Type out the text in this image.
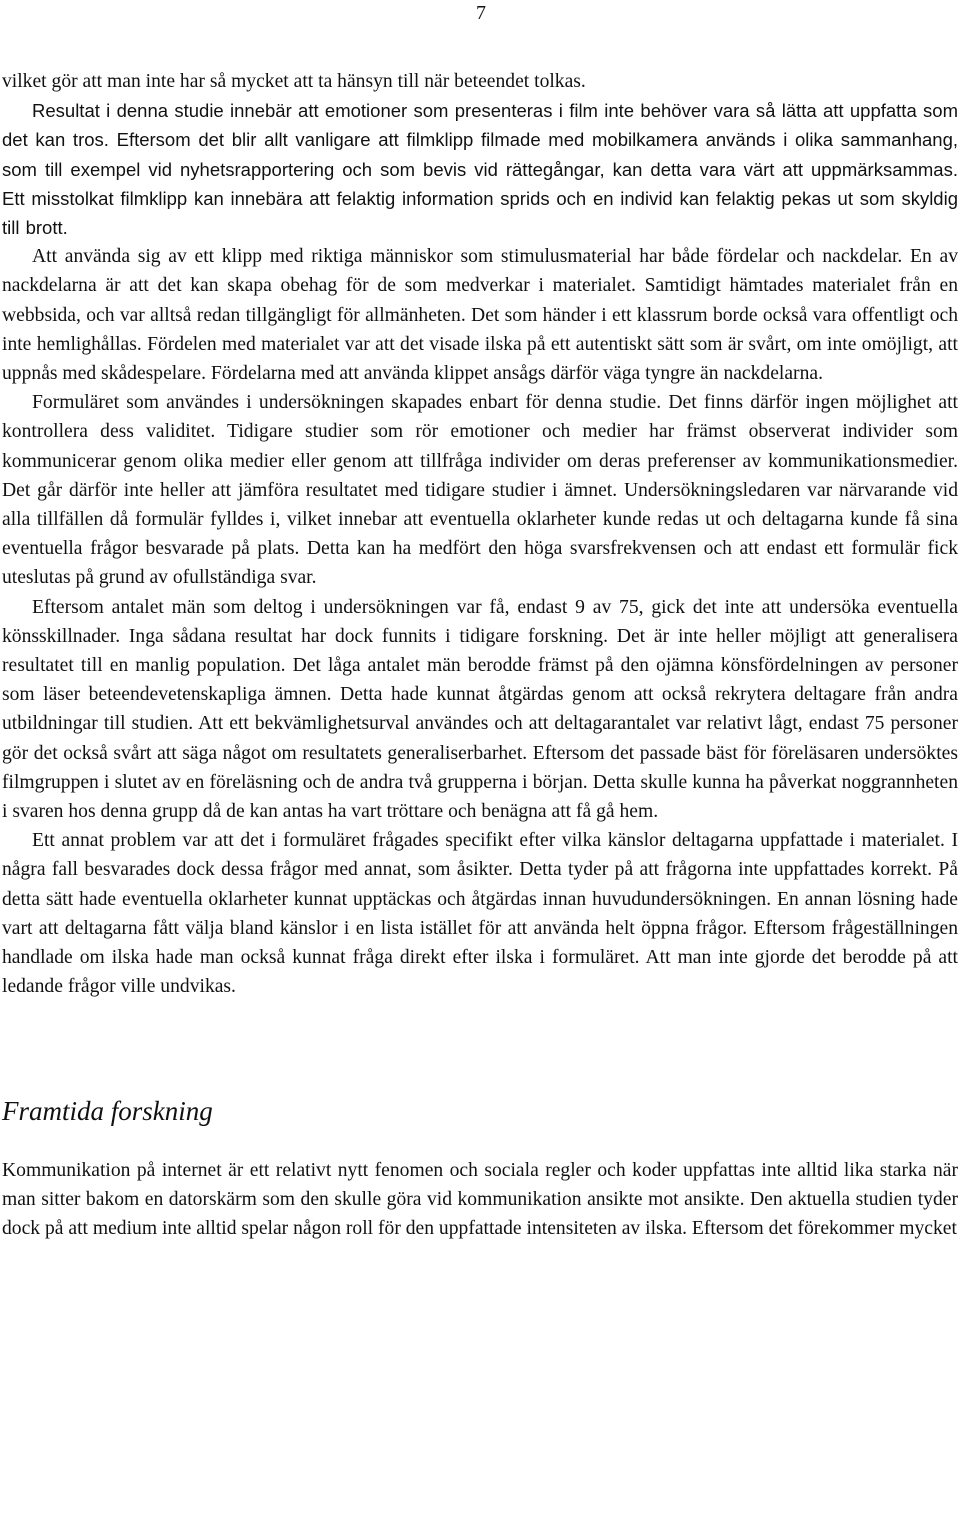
7

vilket gör att man inte har så mycket att ta hänsyn till när beteendet tolkas.

Resultat i denna studie innebär att emotioner som presenteras i film inte behöver vara så lätta att uppfatta som det kan tros. Eftersom det blir allt vanligare att filmklipp filmade med mobilkamera används i olika sammanhang, som till exempel vid nyhetsrapportering och som bevis vid rättegångar, kan detta vara värt att uppmärksammas. Ett misstolkat filmklipp kan innebära att felaktig information sprids och en individ kan felaktig pekas ut som skyldig till brott.

Att använda sig av ett klipp med riktiga människor som stimulusmaterial har både fördelar och nackdelar. En av nackdelarna är att det kan skapa obehag för de som medverkar i materialet. Samtidigt hämtades materialet från en webbsida, och var alltså redan tillgängligt för allmänheten. Det som händer i ett klassrum borde också vara offentligt och inte hemlighållas. Fördelen med materialet var att det visade ilska på ett autentiskt sätt som är svårt, om inte omöjligt, att uppnås med skådespelare. Fördelarna med att använda klippet ansågs därför väga tyngre än nackdelarna.

Formuläret som användes i undersökningen skapades enbart för denna studie. Det finns därför ingen möjlighet att kontrollera dess validitet. Tidigare studier som rör emotioner och medier har främst observerat individer som kommunicerar genom olika medier eller genom att tillfråga individer om deras preferenser av kommunikationsmedier. Det går därför inte heller att jämföra resultatet med tidigare studier i ämnet. Undersökningsledaren var närvarande vid alla tillfällen då formulär fylldes i, vilket innebar att eventuella oklarheter kunde redas ut och deltagarna kunde få sina eventuella frågor besvarade på plats. Detta kan ha medfört den höga svarsfrekvensen och att endast ett formulär fick uteslutas på grund av ofullständiga svar.

Eftersom antalet män som deltog i undersökningen var få, endast 9 av 75, gick det inte att undersöka eventuella könsskillnader. Inga sådana resultat har dock funnits i tidigare forskning. Det är inte heller möjligt att generalisera resultatet till en manlig population. Det låga antalet män berodde främst på den ojämna könsfördelningen av personer som läser beteendevetenskapliga ämnen. Detta hade kunnat åtgärdas genom att också rekrytera deltagare från andra utbildningar till studien. Att ett bekvämlighetsurval användes och att deltagarantalet var relativt lågt, endast 75 personer gör det också svårt att säga något om resultatets generaliserbarhet. Eftersom det passade bäst för föreläsaren undersöktes filmgruppen i slutet av en föreläsning och de andra två grupperna i början. Detta skulle kunna ha påverkat noggrannheten i svaren hos denna grupp då de kan antas ha vart tröttare och benägna att få gå hem.

Ett annat problem var att det i formuläret frågades specifikt efter vilka känslor deltagarna uppfattade i materialet. I några fall besvarades dock dessa frågor med annat, som åsikter. Detta tyder på att frågorna inte uppfattades korrekt. På detta sätt hade eventuella oklarheter kunnat upptäckas och åtgärdas innan huvudundersökningen. En annan lösning hade vart att deltagarna fått välja bland känslor i en lista istället för att använda helt öppna frågor. Eftersom frågeställningen handlade om ilska hade man också kunnat fråga direkt efter ilska i formuläret. Att man inte gjorde det berodde på att ledande frågor ville undvikas.

Framtida forskning

Kommunikation på internet är ett relativt nytt fenomen och sociala regler och koder uppfattas inte alltid lika starka när man sitter bakom en datorskärm som den skulle göra vid kommunikation ansikte mot ansikte. Den aktuella studien tyder dock på att medium inte alltid spelar någon roll för den uppfattade intensiteten av ilska. Eftersom det förekommer mycket
